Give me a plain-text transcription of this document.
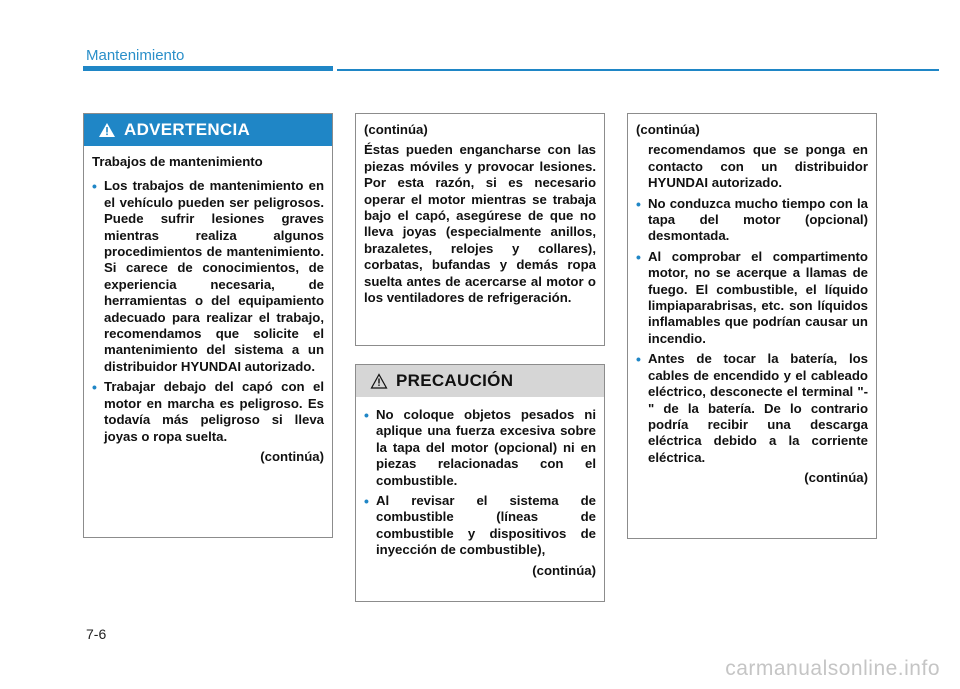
Mantenimiento
ADVERTENCIA
Trabajos de mantenimiento
• Los trabajos de mantenimiento en el vehículo pueden ser peligrosos. Puede sufrir lesiones graves mientras realiza algunos procedimientos de mantenimiento. Si carece de conocimientos, de experiencia necesaria, de herramientas o del equipamiento adecuado para realizar el trabajo, recomendamos que solicite el mantenimiento del sistema a un distribuidor HYUNDAI autorizado.
• Trabajar debajo del capó con el motor en marcha es peligroso. Es todavía más peligroso si lleva joyas o ropa suelta.
(continúa)
(continúa)
Éstas pueden engancharse con las piezas móviles y provocar lesiones. Por esta razón, si es necesario operar el motor mientras se trabaja bajo el capó, asegúrese de que no lleva joyas (especialmente anillos, brazaletes, relojes y collares), corbatas, bufandas y demás ropa suelta antes de acercarse al motor o los ventiladores de refrigeración.
PRECAUCIÓN
• No coloque objetos pesados ni aplique una fuerza excesiva sobre la tapa del motor (opcional) ni en piezas relacionadas con el combustible.
• Al revisar el sistema de combustible (líneas de combustible y dispositivos de inyección de combustible),
(continúa)
(continúa)
recomendamos que se ponga en contacto con un distribuidor HYUNDAI autorizado.
• No conduzca mucho tiempo con la tapa del motor (opcional) desmontada.
• Al comprobar el compartimento motor, no se acerque a llamas de fuego. El combustible, el líquido limpiaparabrisas, etc. son líquidos inflamables que podrían causar un incendio.
• Antes de tocar la batería, los cables de encendido y el cableado eléctrico, desconecte el terminal "-" de la batería. De lo contrario podría recibir una descarga eléctrica debido a la corriente eléctrica.
(continúa)
7-6
carmanualsonline.info
